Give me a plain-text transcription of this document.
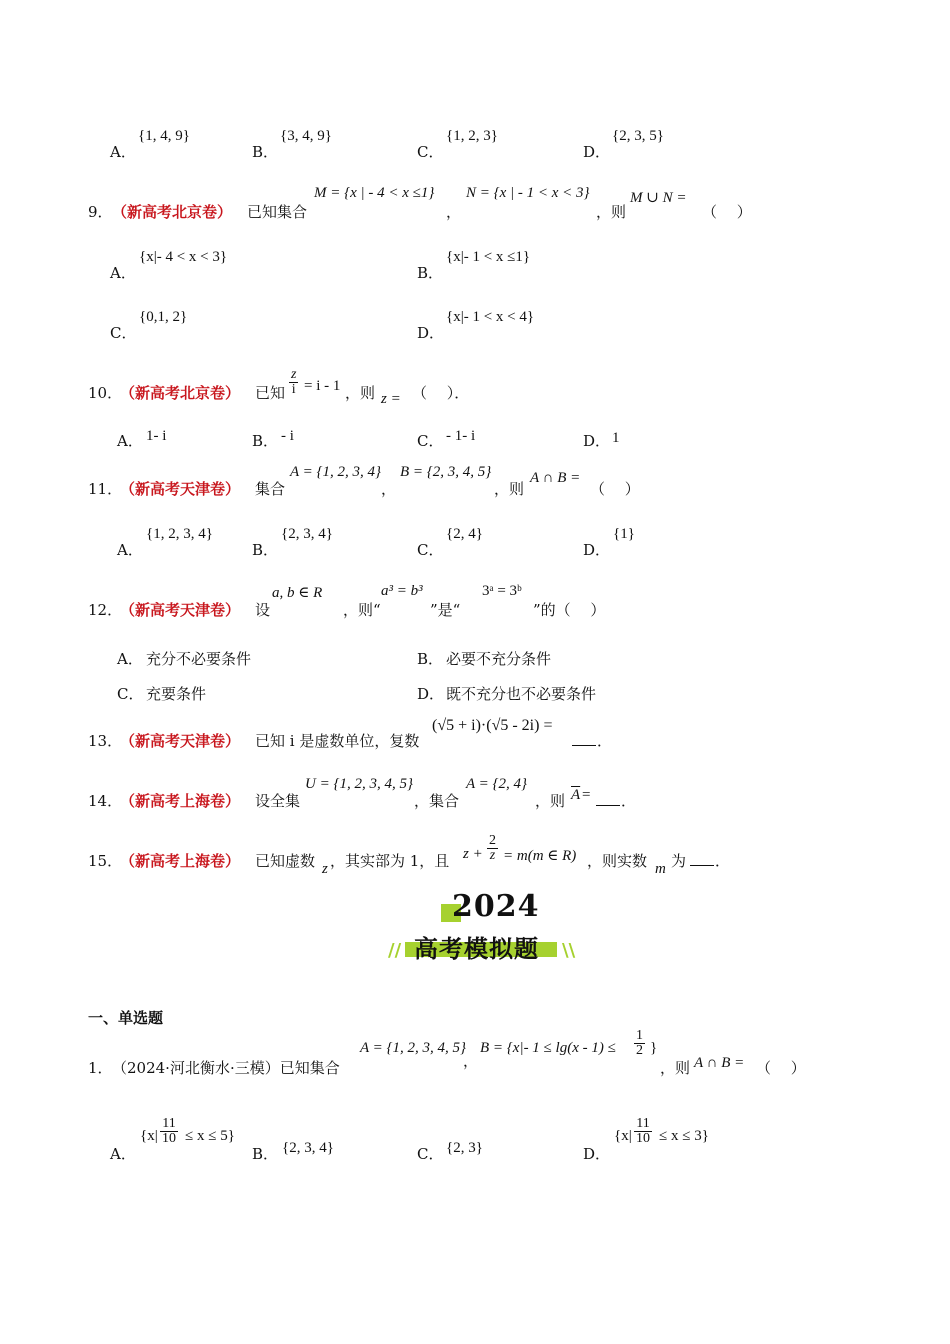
A．
{1, 4, 9}
B．
{3, 4, 9}
C．
{1, 2, 3}
D．
{2, 3, 5}
9． （新高考北京卷） 已知集合
M = {x | - 4 < x ≤1}
，
N = {x | - 1 < x < 3}
，则
M ∪ N =
（　 ）
A．
{x|- 4 < x < 3}
B．
{x|- 1 < x ≤1}
C．
{0,1, 2}
D．
{x|- 1 < x < 4}
10．
（新高考北京卷） 已知 $\frac{z}{i} = i - 1$ ，则 z = （　 ）．
A． 1- i	B． - i	C． - 1- i	D． 1
11．
（新高考天津卷） 集合
A = {1, 2, 3, 4}
，
B = {2, 3, 4, 5}
，则
A ∩ B =
（　 ）
A．
{1, 2, 3, 4}
B．
{2, 3, 4}
C．
{2, 4}
D．
{1}
12．
（新高考天津卷） 设
a, b ∈ R
，则“
a³ = b³
”是“
3ᵃ = 3ᵇ
”的（　 ）
A． 充分不必要条件	B． 必要不充分条件
C． 充要条件	D． 既不充分也不必要条件
13．
（新高考天津卷） 已知 i 是虚数单位，复数
(√5 + i)·(√5 - 2i) =
．
14．
（新高考上海卷） 设全集
U = {1, 2, 3, 4, 5}
，集合
A = {2, 4}
，则 $\overline{A}$ = ．
15．
（新高考上海卷） 已知虚数 z ，其实部为 1，且 $z + \frac{2}{z} = m(m$ ∈ R) ，则实数 m 为 ．
2024
// 高考模拟题 \\
一、单选题
1． （2024·河北衡水·三模）已知集合
A = {1, 2, 3, 4, 5}
，
B = {x|- $1 \le \lg(x - 1) \le \frac{1}{2}$ }
，则 A ∩ B = （　 ）
A．
$\{x| \frac{11}{10} \le x \le 5\}$
B． {2, 3, 4}	C． {2, 3}	D．
$\{x| \frac{11}{10} \le x \le 3\}$
